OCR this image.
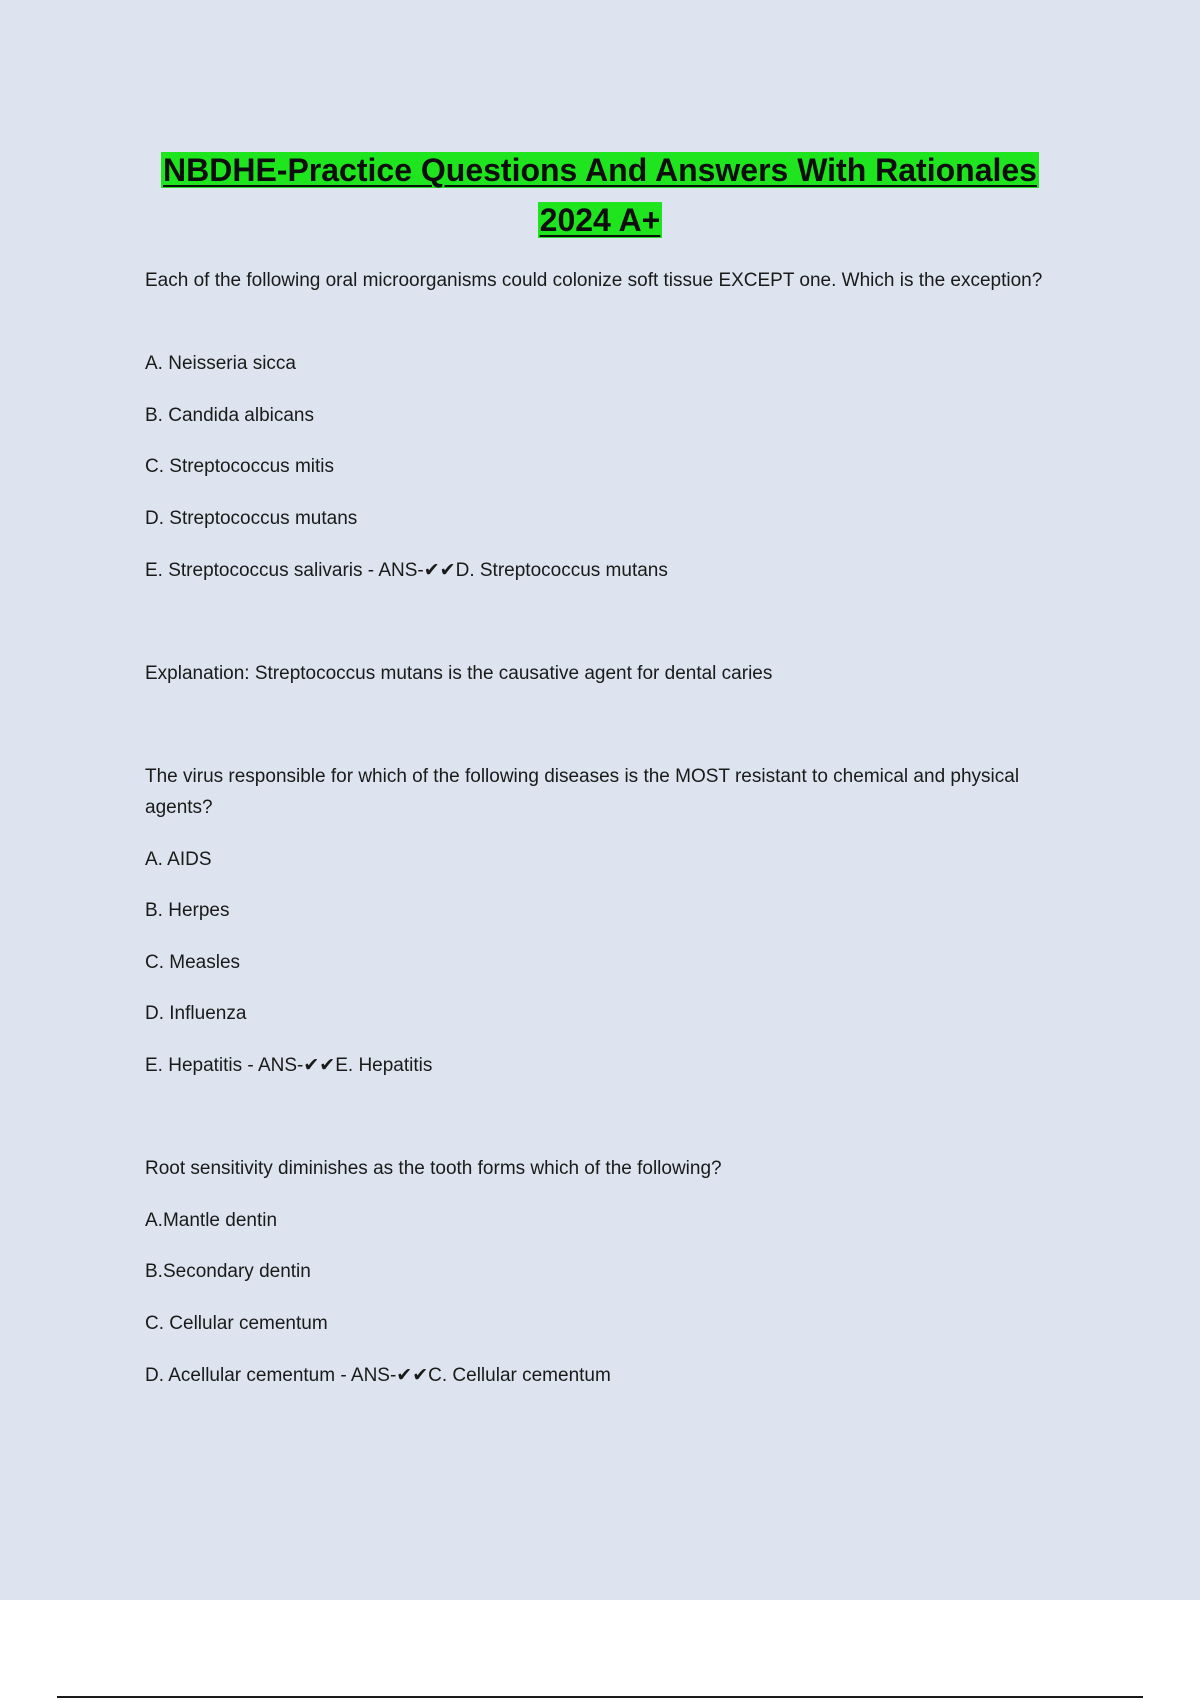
NBDHE-Practice Questions And Answers With Rationales
2024 A+
Each of the following oral microorganisms could colonize soft tissue EXCEPT one. Which is the exception?
A. Neisseria sicca
B. Candida albicans
C. Streptococcus mitis
D. Streptococcus mutans
E. Streptococcus salivaris - ANS-✔✔D. Streptococcus mutans
Explanation: Streptococcus mutans is the causative agent for dental caries
The virus responsible for which of the following diseases is the MOST resistant to chemical and physical agents?
A. AIDS
B. Herpes
C. Measles
D. Influenza
E. Hepatitis - ANS-✔✔E. Hepatitis
Root sensitivity diminishes as the tooth forms which of the following?
A.Mantle dentin
B.Secondary dentin
C. Cellular cementum
D. Acellular cementum - ANS-✔✔C. Cellular cementum
